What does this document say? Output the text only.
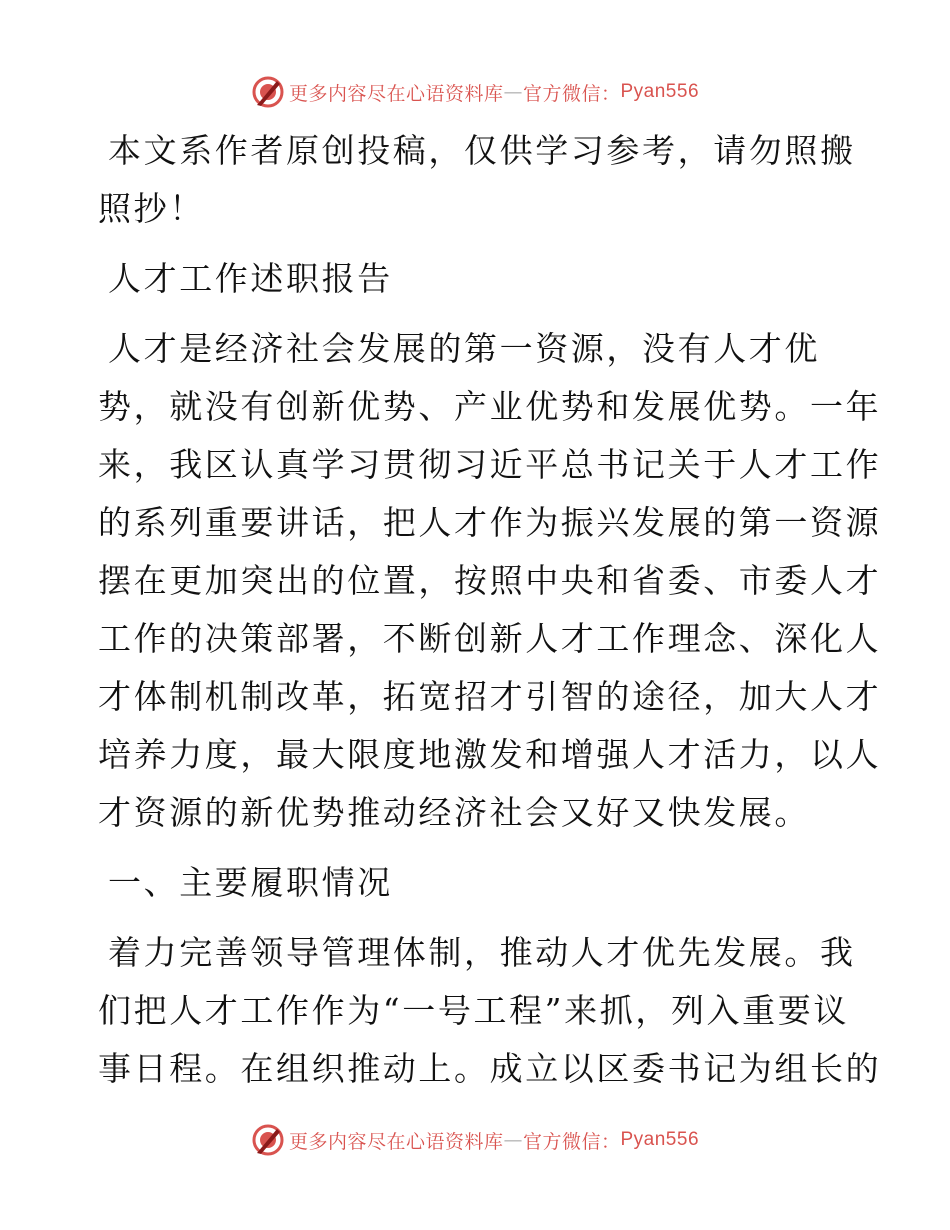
更多内容尽在心语资料库 — 官方微信： Pyan556
本文系作者原创投稿，仅供学习参考，请勿照搬
照抄！
人才工作述职报告
人才是经济社会发展的第一资源，没有人才优
势，就没有创新优势、产业优势和发展优势。一年
来，我区认真学习贯彻习近平总书记关于人才工作
的系列重要讲话，把人才作为振兴发展的第一资源
摆在更加突出的位置，按照中央和省委、市委人才
工作的决策部署，不断创新人才工作理念、深化人
才体制机制改革，拓宽招才引智的途径，加大人才
培养力度，最大限度地激发和增强人才活力，以人
才资源的新优势推动经济社会又好又快发展。
一、主要履职情况
着力完善领导管理体制，推动人才优先发展。我
们把人才工作作为“一号工程”来抓，列入重要议
事日程。在组织推动上。成立以区委书记为组长的
更多内容尽在心语资料库 — 官方微信： Pyan556
